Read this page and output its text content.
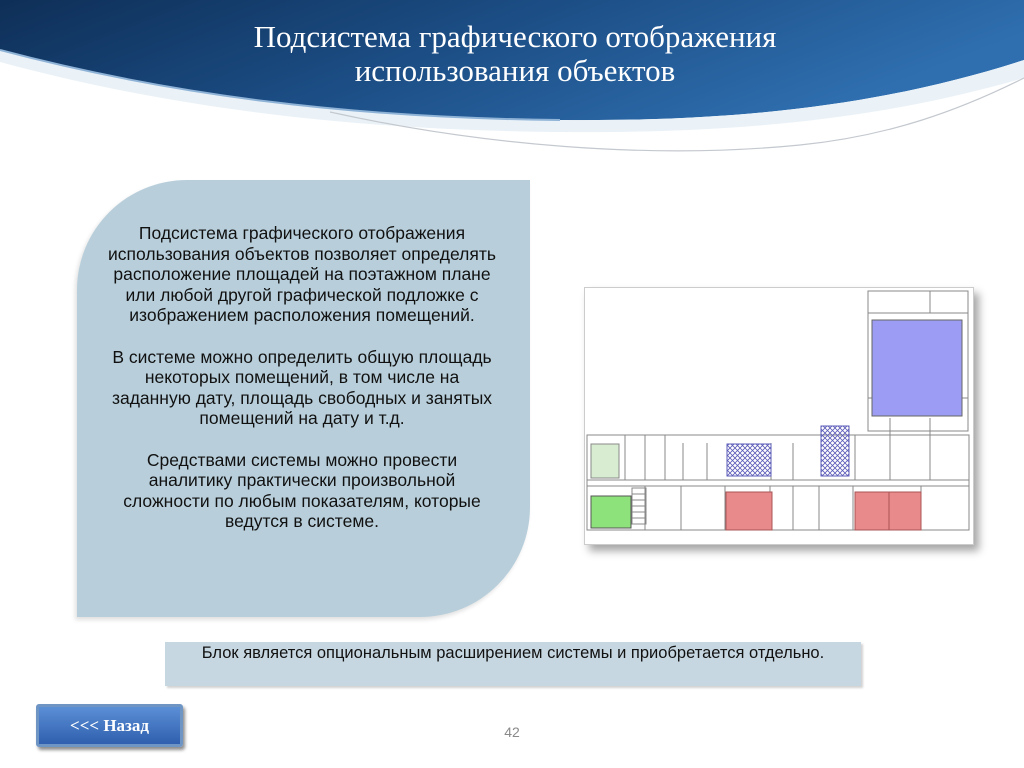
Подсистема графического отображения
использования объектов

Подсистема графического отображения использования объектов позволяет определять расположение площадей на поэтажном плане или любой другой графической подложке с изображением расположения помещений.

В системе можно определить общую площадь некоторых помещений, в том числе на заданную дату, площадь свободных и занятых помещений на дату и т.д.

Средствами системы можно провести аналитику практически произвольной сложности по любым показателям, которые ведутся в системе.

Блок является опциональным расширением системы и приобретается отдельно.
<<< Назад	42
